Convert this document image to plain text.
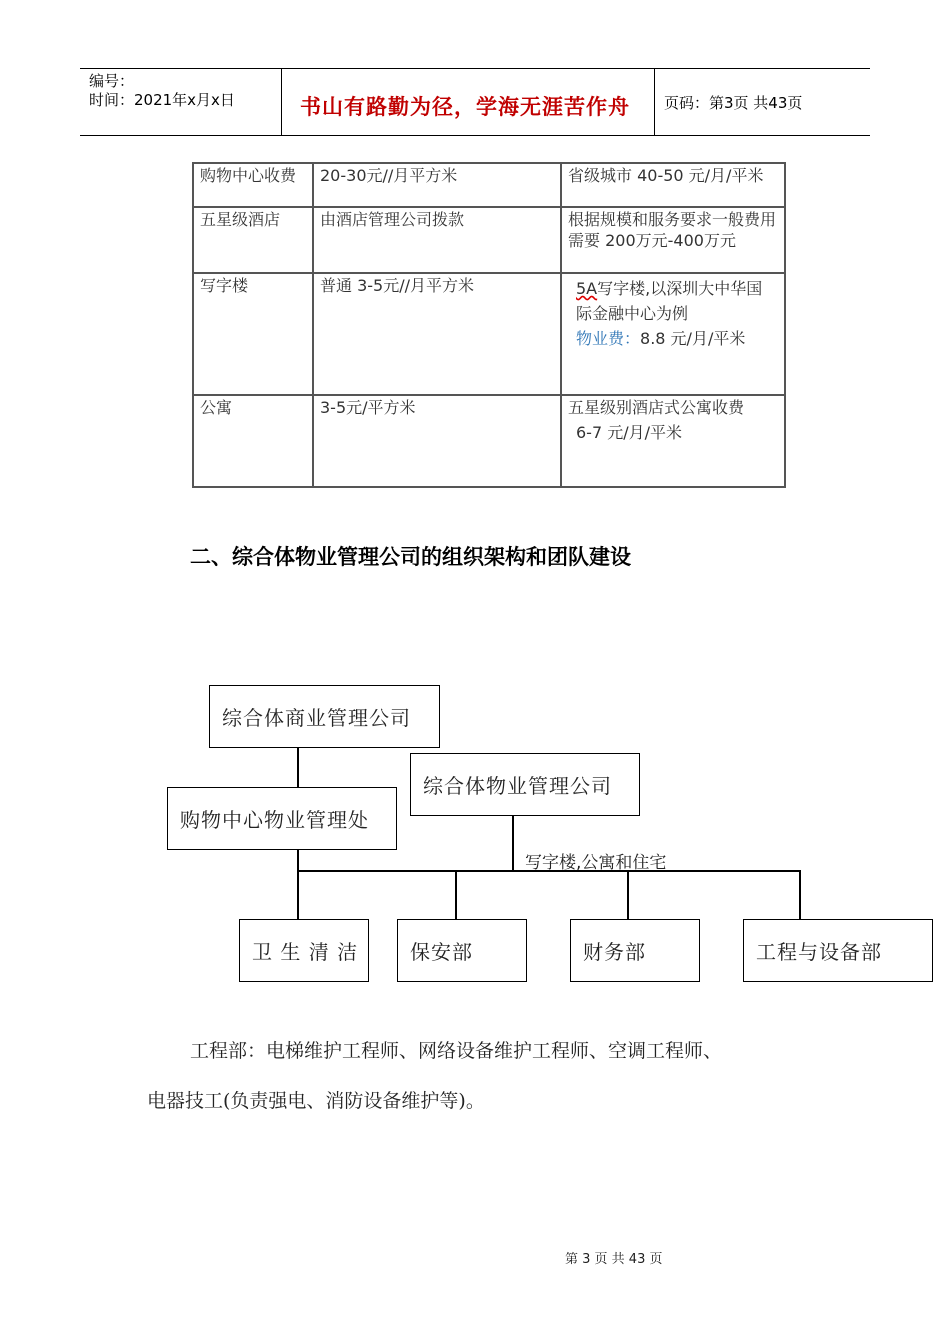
编号：
时间：2021年x月x日	书山有路勤为径，学海无涯苦作舟 页码：第3页 共43页
购物中心收费	20-30元//月平方米	省级城市 40-50 元/月/平米
五星级酒店	由酒店管理公司拨款	根据规模和服务要求一般费用需要 200万元-400万元
写字楼	普通 3-5元//月平方米	5A写字楼,以深圳大中华国际金融中心为例
物业费：8.8 元/月/平米
公寓	3-5元/平方米	五星级别酒店式公寓收费
6-7 元/月/平米
二、综合体物业管理公司的组织架构和团队建设
综合体商业管理公司
综合体物业管理公司
购物中心物业管理处
写字楼,公寓和住宅
卫 生 清 洁	保安部	财务部	工程与设备部
工程部：电梯维护工程师、网络设备维护工程师、空调工程师、
电器技工(负责强电、消防设备维护等)。
第 3 页 共 43 页
